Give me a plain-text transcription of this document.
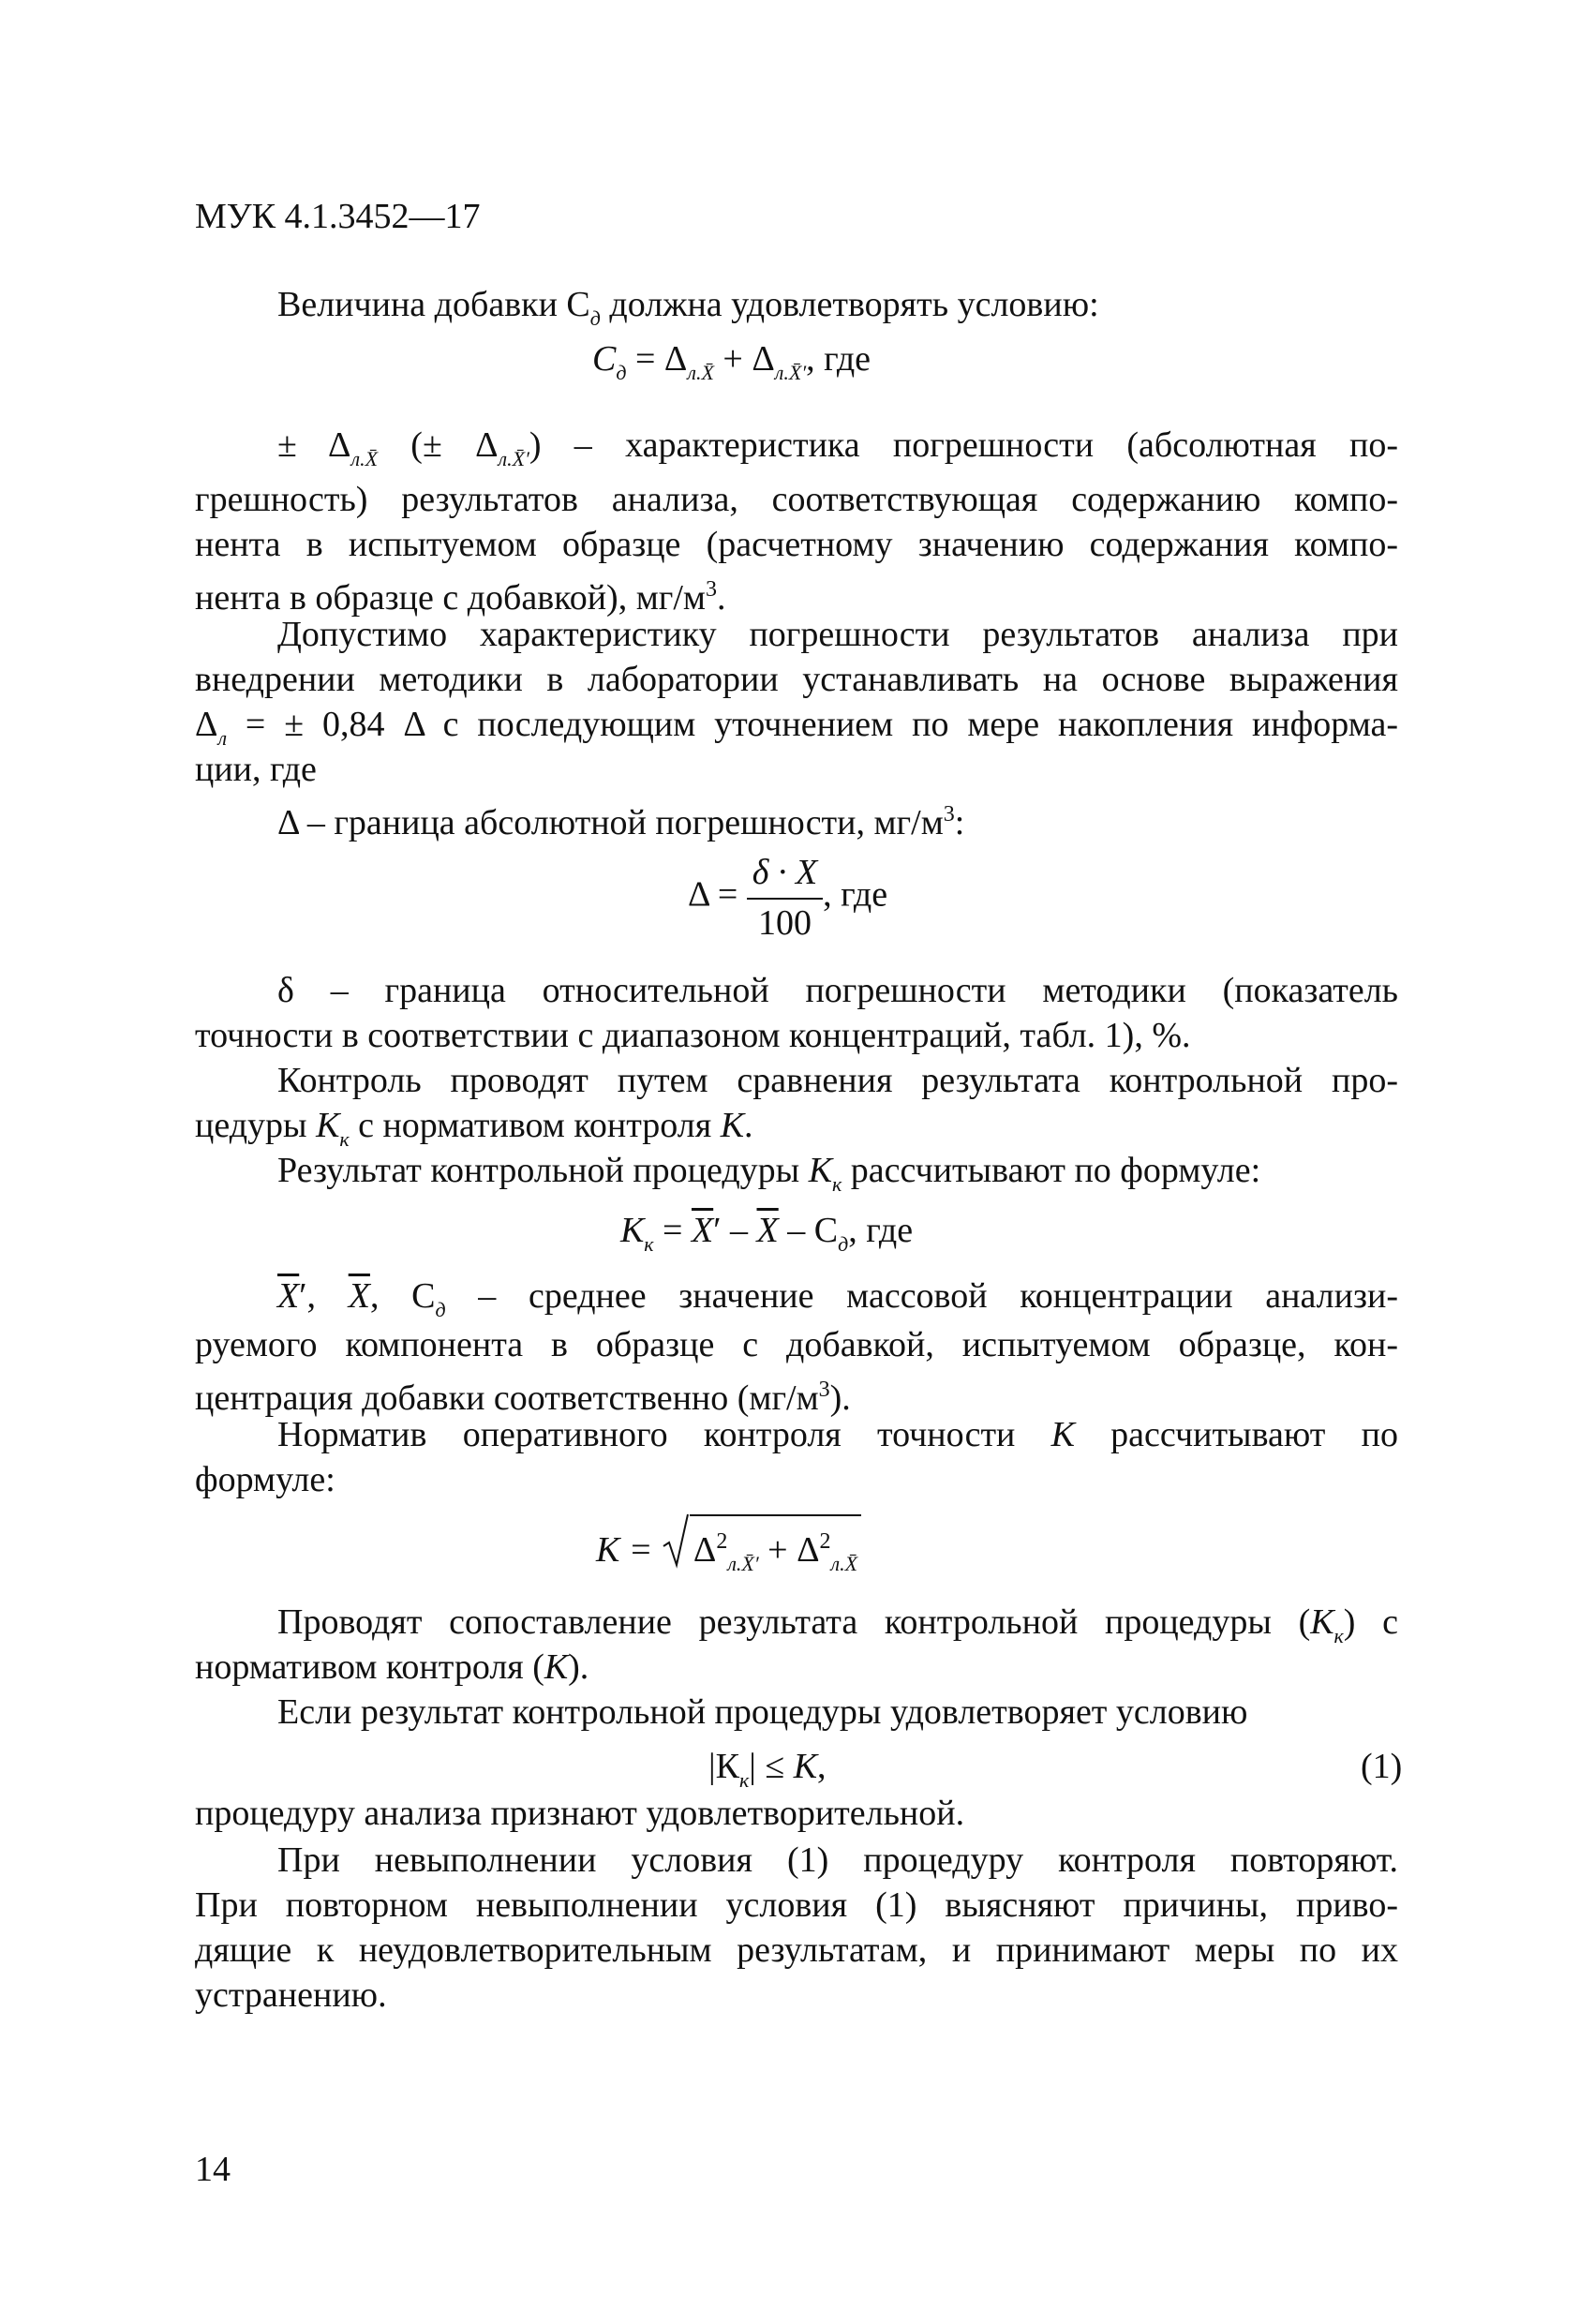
МУК 4.1.3452—17
Величина добавки $С_д$ должна удовлетворять условию:
$С_д = \Delta_{л.X̄} + \Delta_{л.X̄'}$, где
± $\Delta_{л.X̄}$ (± $\Delta_{л.X̄'}$) – характеристика погрешности (абсолютная по-
грешность) результатов анализа, соответствующая содержанию компо-
нента в испытуемом образце (расчетному значению содержания компо-
нента в образце с добавкой), $мг/м^3$.
Допустимо характеристику погрешности результатов анализа при
внедрении методики в лаборатории устанавливать на основе выражения
$\Delta_л$ = ± 0,84 Δ с последующим уточнением по мере накопления информа-
ции, где
Δ – граница абсолютной погрешности, $мг/м^3$:
$\Delta = \frac{\delta \cdot X}{100}$ , где
δ – граница относительной погрешности методики (показатель
точности в соответствии с диапазоном концентраций, табл. 1), %.
Контроль проводят путем сравнения результата контрольной про-
цедуры $К_к$ с нормативом контроля К.
Результат контрольной процедуры $К_к$ рассчитывают по формуле:
$К_к = \overline{X}' - \overline{X} - С_д$, где
$\overline{X}'$, $\overline{X}$, $С_д$ – среднее значение массовой концентрации анализи-
руемого компонента в образце с добавкой, испытуемом образце, кон-
центрация добавки соответственно $(мг/м^3)$.
Норматив оперативного контроля точности К рассчитывают по
формуле:
К =
$\Delta^2_{л.X̄'} + \Delta^2_{л.X̄}$
Проводят сопоставление результата контрольной процедуры $(К_к)$ с
нормативом контроля (К).
Если результат контрольной процедуры удовлетворяет условию
$|К_к| \le К$,	(1)
процедуру анализа признают удовлетворительной.
При невыполнении условия (1) процедуру контроля повторяют.
При повторном невыполнении условия (1) выясняют причины, приво-
дящие к неудовлетворительным результатам, и принимают меры по их
устранению.
14
